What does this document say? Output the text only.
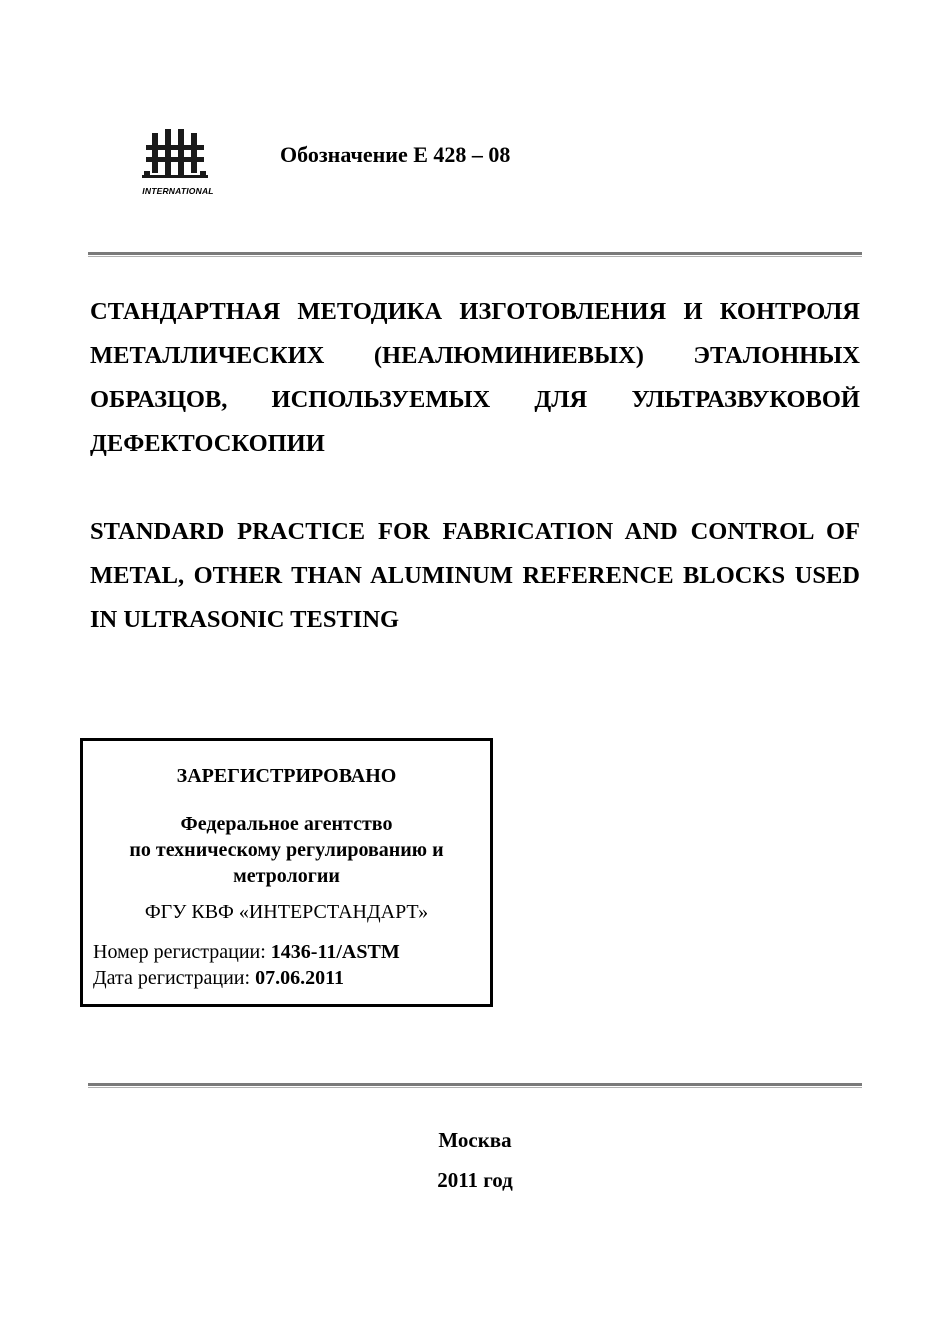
INTERNATIONAL
Обозначение E 428 – 08
СТАНДАРТНАЯ МЕТОДИКА ИЗГОТОВЛЕНИЯ И КОНТРОЛЯ МЕТАЛЛИЧЕСКИХ (НЕАЛЮМИНИЕВЫХ) ЭТАЛОННЫХ ОБРАЗЦОВ, ИСПОЛЬЗУЕМЫХ ДЛЯ УЛЬТРАЗВУКОВОЙ ДЕФЕКТОСКОПИИ
STANDARD PRACTICE FOR FABRICATION AND CONTROL OF METAL, OTHER THAN ALUMINUM REFERENCE BLOCKS USED IN ULTRASONIC TESTING
ЗАРЕГИСТРИРОВАНО
Федеральное агентство
по техническому регулированию и
метрологии
ФГУ КВФ «ИНТЕРСТАНДАРТ»
Номер регистрации: 1436-11/ASTM
Дата регистрации: 07.06.2011
Москва
2011 год
